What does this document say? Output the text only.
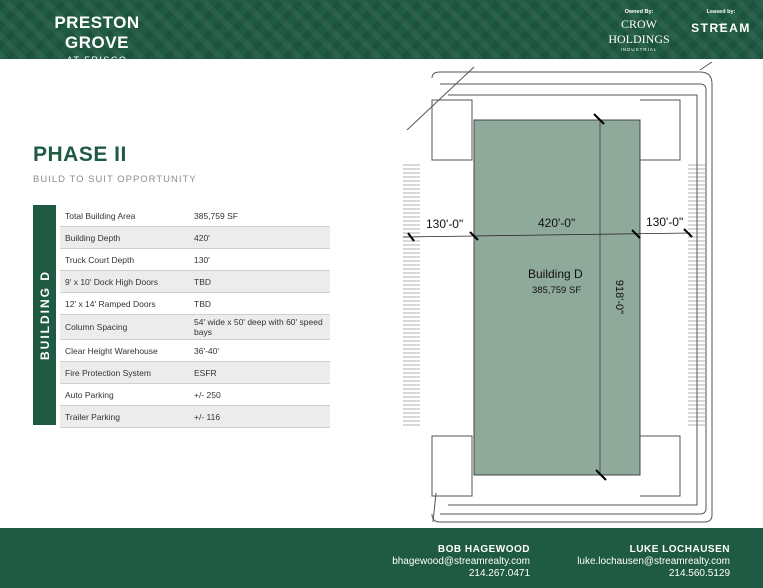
PRESTON GROVE
AT FRISCO
Owned By:
CROW
HOLDINGS
INDUSTRIAL
Leased by:
STREAM
PHASE II
BUILD TO SUIT OPPORTUNITY
BUILDING D
Total Building Area	385,759 SF
Building Depth	420'
Truck Court Depth	130'
9' x 10' Dock High Doors	TBD
12' x 14' Ramped Doors	TBD
Column Spacing	54' wide x 50' deep with 60' speed bays
Clear Height Warehouse	36'-40'
Fire Protection System	ESFR
Auto Parking	+/- 250
Trailer Parking	+/- 116
130'-0"	420'-0"	130'-0"
Building D
385,759 SF	918'-0"
BOB HAGEWOOD
bhagewood@streamrealty.com
214.267.0471
LUKE LOCHAUSEN
luke.lochausen@streamrealty.com
214.560.5129
